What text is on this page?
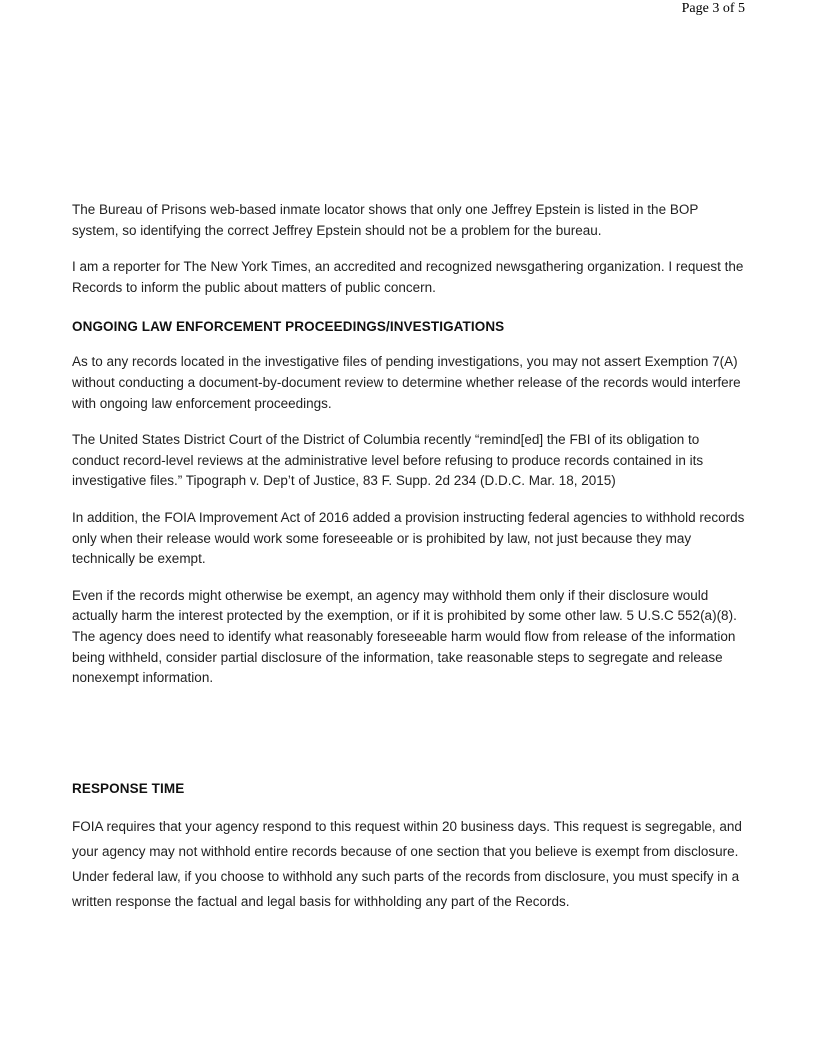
Page 3 of 5

The Bureau of Prisons web-based inmate locator shows that only one Jeffrey Epstein is listed in the BOP system, so identifying the correct Jeffrey Epstein should not be a problem for the bureau.

I am a reporter for The New York Times, an accredited and recognized newsgathering organization. I request the Records to inform the public about matters of public concern.

ONGOING LAW ENFORCEMENT PROCEEDINGS/INVESTIGATIONS

As to any records located in the investigative files of pending investigations, you may not assert Exemption 7(A) without conducting a document-by-document review to determine whether release of the records would interfere with ongoing law enforcement proceedings.

The United States District Court of the District of Columbia recently “remind[ed] the FBI of its obligation to conduct record-level reviews at the administrative level before refusing to produce records contained in its investigative files.” Tipograph v. Dep’t of Justice, 83 F. Supp. 2d 234 (D.D.C. Mar. 18, 2015)

In addition, the FOIA Improvement Act of 2016 added a provision instructing federal agencies to withhold records only when their release would work some foreseeable or is prohibited by law, not just because they may technically be exempt.

Even if the records might otherwise be exempt, an agency may withhold them only if their disclosure would actually harm the interest protected by the exemption, or if it is prohibited by some other law. 5 U.S.C 552(a)(8). The agency does need to identify what reasonably foreseeable harm would flow from release of the information being withheld, consider partial disclosure of the information, take reasonable steps to segregate and release nonexempt information.

RESPONSE TIME

FOIA requires that your agency respond to this request within 20 business days. This request is segregable, and your agency may not withhold entire records because of one section that you believe is exempt from disclosure. Under federal law, if you choose to withhold any such parts of the records from disclosure, you must specify in a written response the factual and legal basis for withholding any part of the Records.
